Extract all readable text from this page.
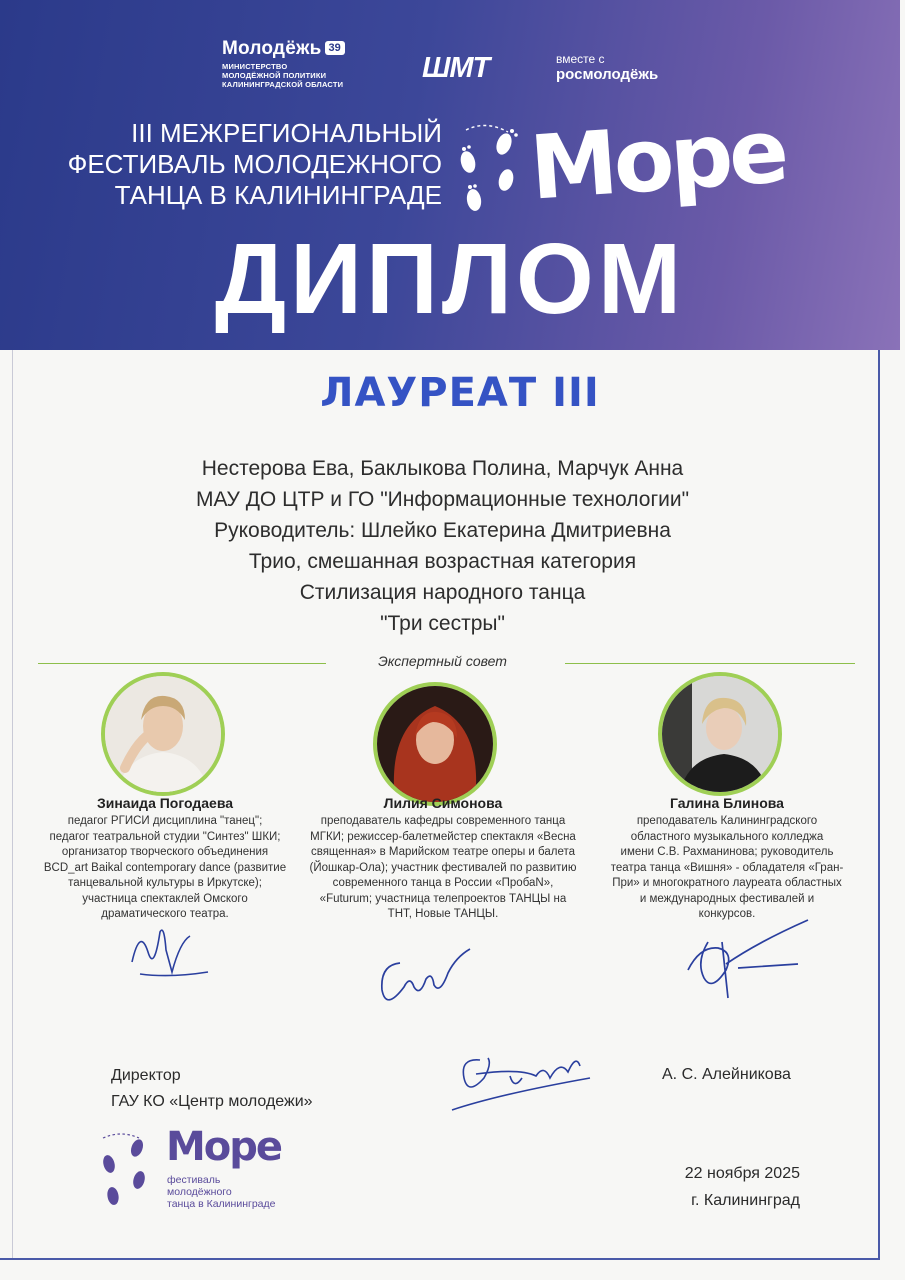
Молодёжь 39
МИНИСТЕРСТВО
МОЛОДЁЖНОЙ ПОЛИТИКИ
КАЛИНИНГРАДСКОЙ ОБЛАСТИ
ШМТ	вместе с
росмолодёжь
III МЕЖРЕГИОНАЛЬНЫЙ
ФЕСТИВАЛЬ МОЛОДЕЖНОГО
ТАНЦА В КАЛИНИНГРАДЕ Море
ДИПЛОМ
ЛАУРЕАТ III
Нестерова Ева, Баклыкова Полина, Марчук Анна
МАУ ДО ЦТР и ГО "Информационные технологии"
Руководитель: Шлейко Екатерина Дмитриевна
Трио, смешанная возрастная категория
Стилизация народного танца
"Три сестры"
Экспертный совет
Зинаида Погодаева
педагог РГИСИ дисциплина "танец";
педагог театральной студии "Синтез" ШКИ;
организатор творческого объединения
BCD_art Baikal contemporary dance (развитие
танцевальной культуры в Иркутске);
участница спектаклей Омского
драматического театра.
Лилия Симонова
преподаватель кафедры современного танца
МГКИ; режиссер-балетмейстер спектакля «Весна
священная» в Марийском театре оперы и балета
(Йошкар-Ола); участник фестивалей по развитию
современного танца в России «ПробаN»,
«Futurum; участница телепроектов ТАНЦЫ на
ТНТ, Новые ТАНЦЫ.
Галина Блинова
преподаватель Калининградского
областного музыкального колледжа
имени С.В. Рахманинова; руководитель
театра танца «Вишня» - обладателя «Гран-
При» и многократного лауреата областных
и международных фестивалей и
конкурсов.
Директор
ГАУ КО «Центр молодежи»
А. С. Алейникова
Море
фестиваль
молодёжного
танца в Калининграде
22 ноября 2025
г. Калининград
